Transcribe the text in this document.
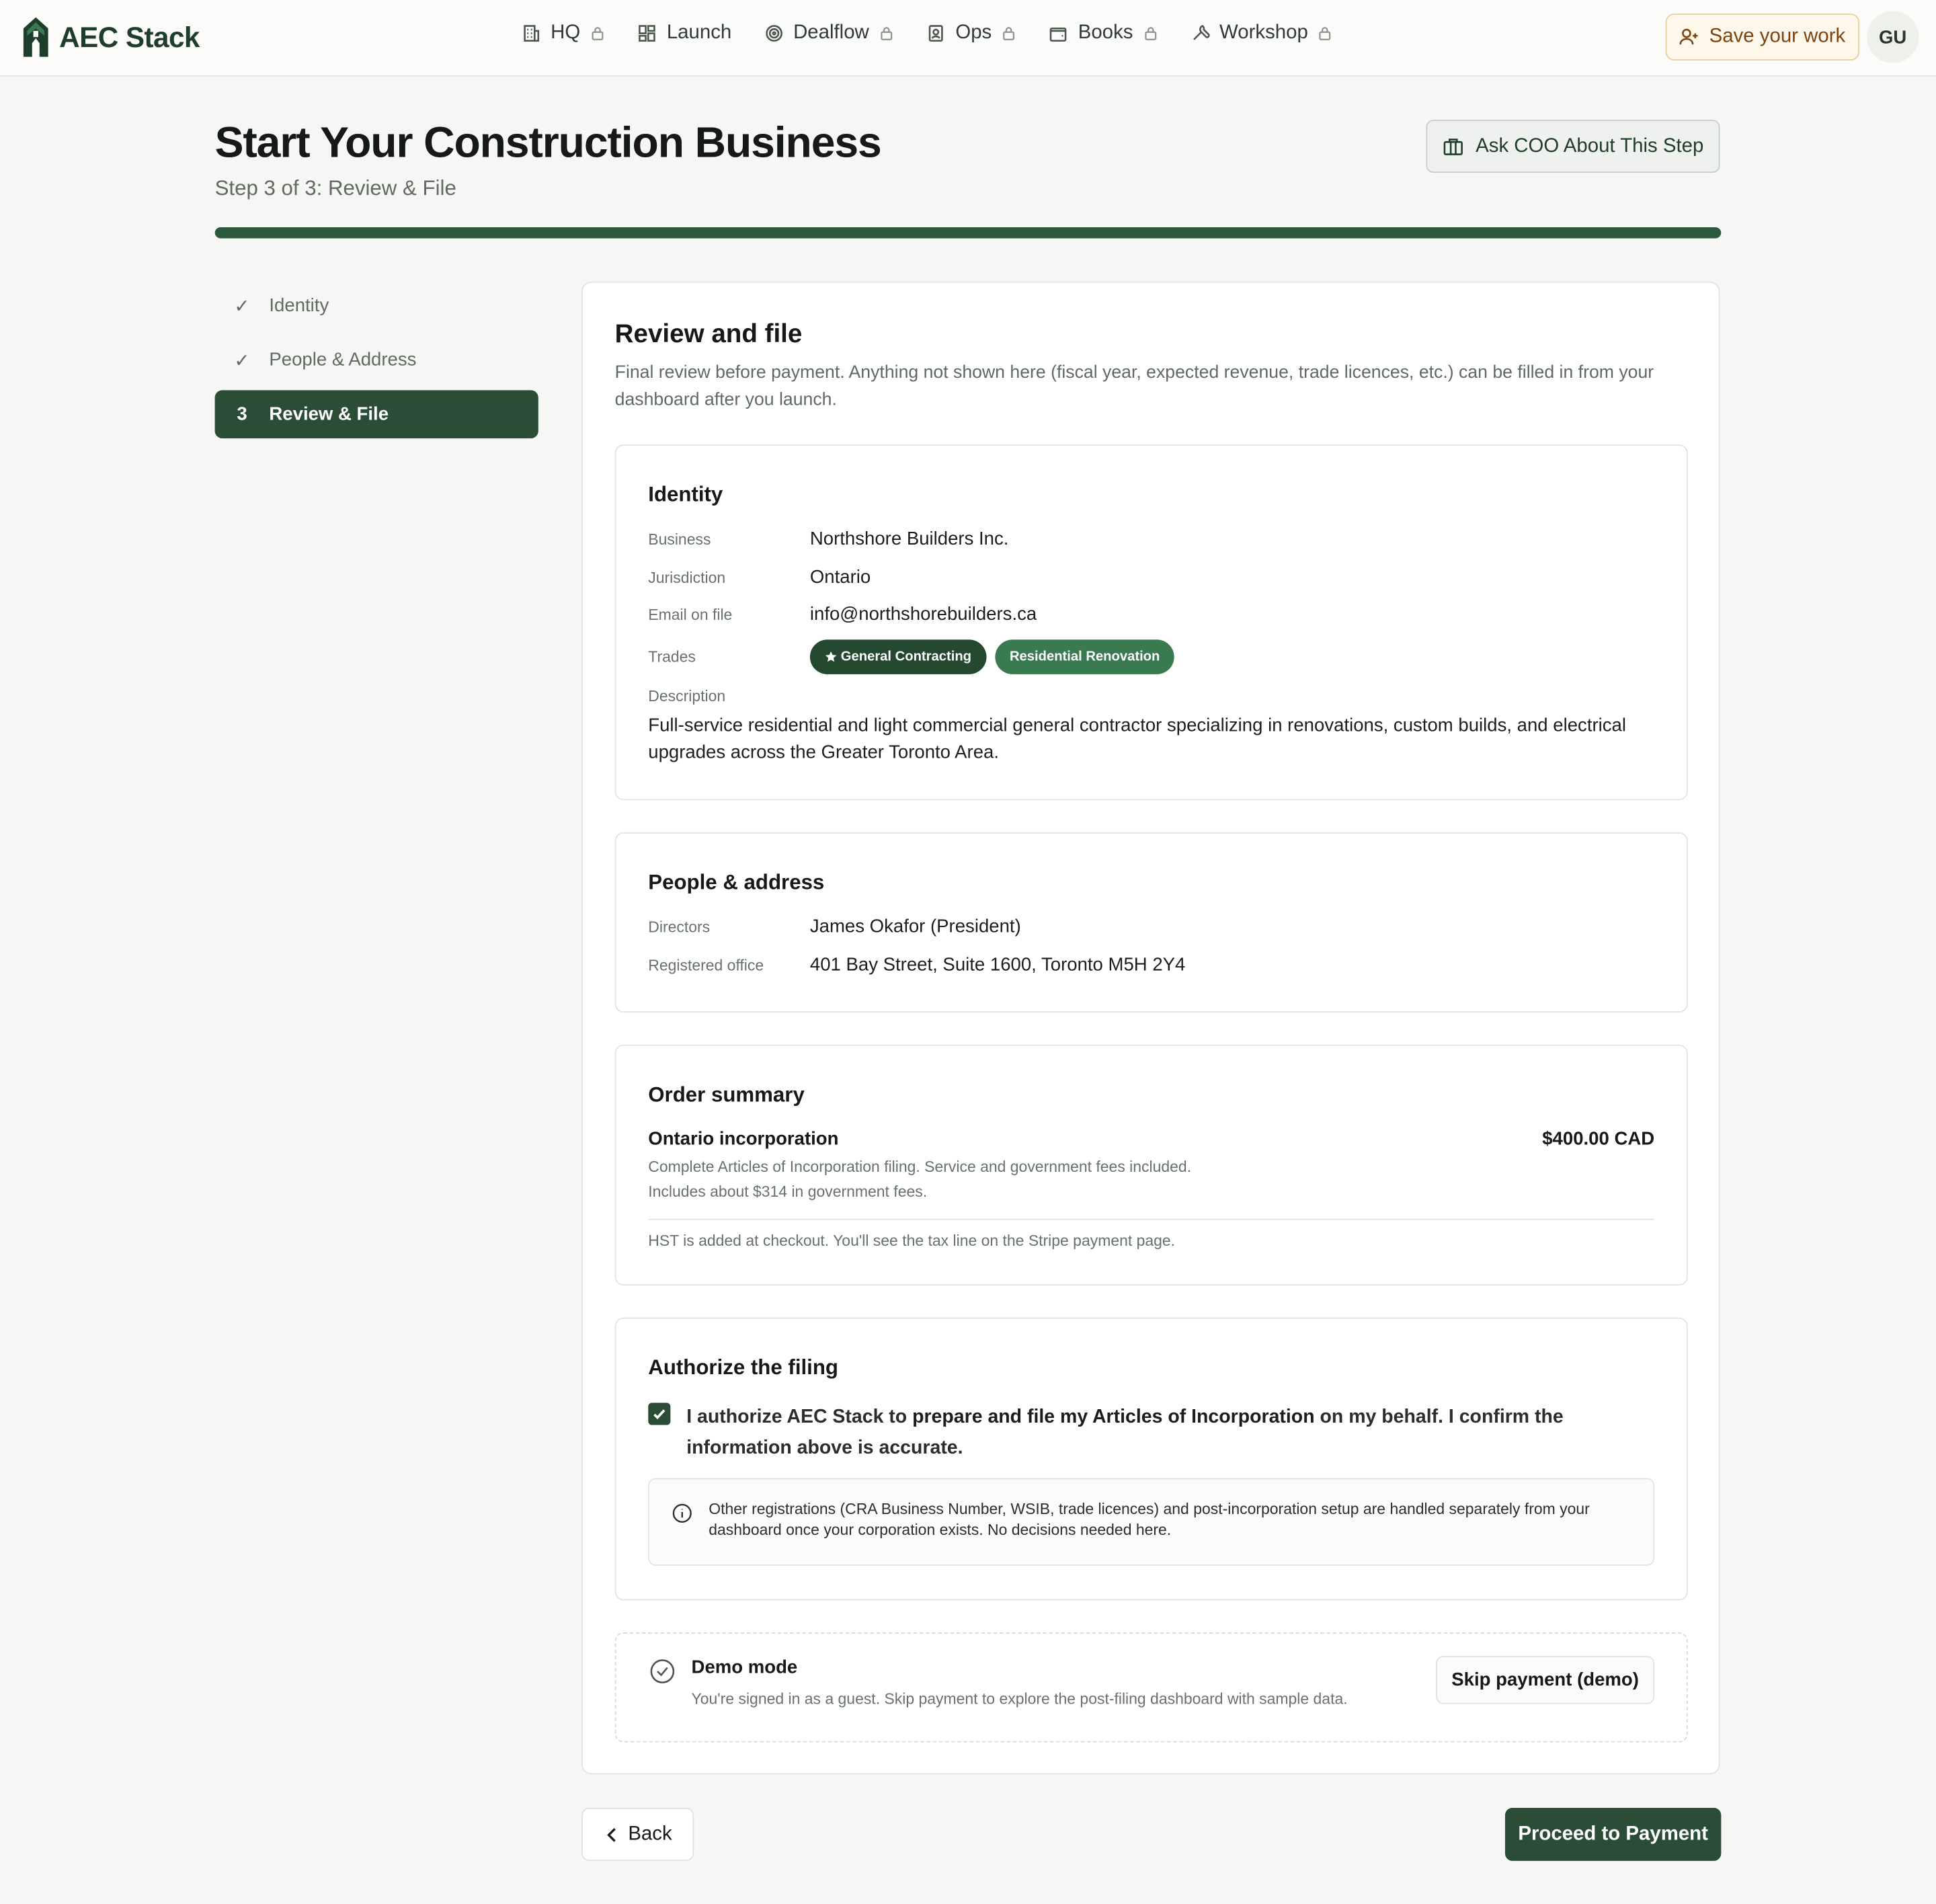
AEC Stack	HQ	Launch	Dealflow	Ops	Books	Workshop	Save your work	GU
Start Your Construction Business
Step 3 of 3: Review & File
Ask COO About This Step
✓	Identity
✓	People & Address
3	Review & File
Review and file
Final review before payment. Anything not shown here (fiscal year, expected revenue, trade licences, etc.) can be filled in from your dashboard after you launch.
Identity
Business	Northshore Builders Inc.
Jurisdiction	Ontario
Email on file	info@northshorebuilders.ca
Trades	General Contracting	Residential Renovation
Description
Full-service residential and light commercial general contractor specializing in renovations, custom builds, and electrical upgrades across the Greater Toronto Area.
People & address
Directors	James Okafor (President)
Registered office	401 Bay Street, Suite 1600, Toronto M5H 2Y4
Order summary
Ontario incorporation	$400.00 CAD
Complete Articles of Incorporation filing. Service and government fees included.
Includes about $314 in government fees.
HST is added at checkout. You'll see the tax line on the Stripe payment page.
Authorize the filing
I authorize AEC Stack to prepare and file my Articles of Incorporation on my behalf. I confirm the information above is accurate.
Other registrations (CRA Business Number, WSIB, trade licences) and post-incorporation setup are handled separately from your dashboard once your corporation exists. No decisions needed here.
Demo mode
You're signed in as a guest. Skip payment to explore the post-filing dashboard with sample data.
Skip payment (demo)
Back	Proceed to Payment
